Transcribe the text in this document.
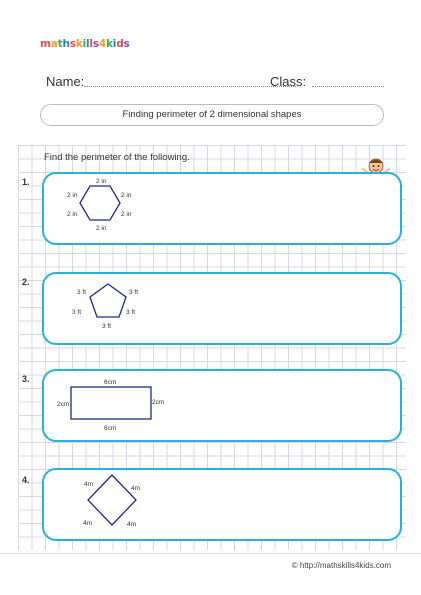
mathskills4kids
Name:	Class:
Finding perimeter of 2 dimensional shapes
Find the perimeter of the following.
1.	2 in
2 in	2 in
2 in	2 in
2 in
2.
3 ft	3 ft
3 ft	3 ft
3 ft
3.	6cm
2cm	2cm
6cm
4.	4m
4m
4m	4m
© http://mathskills4kids.com
